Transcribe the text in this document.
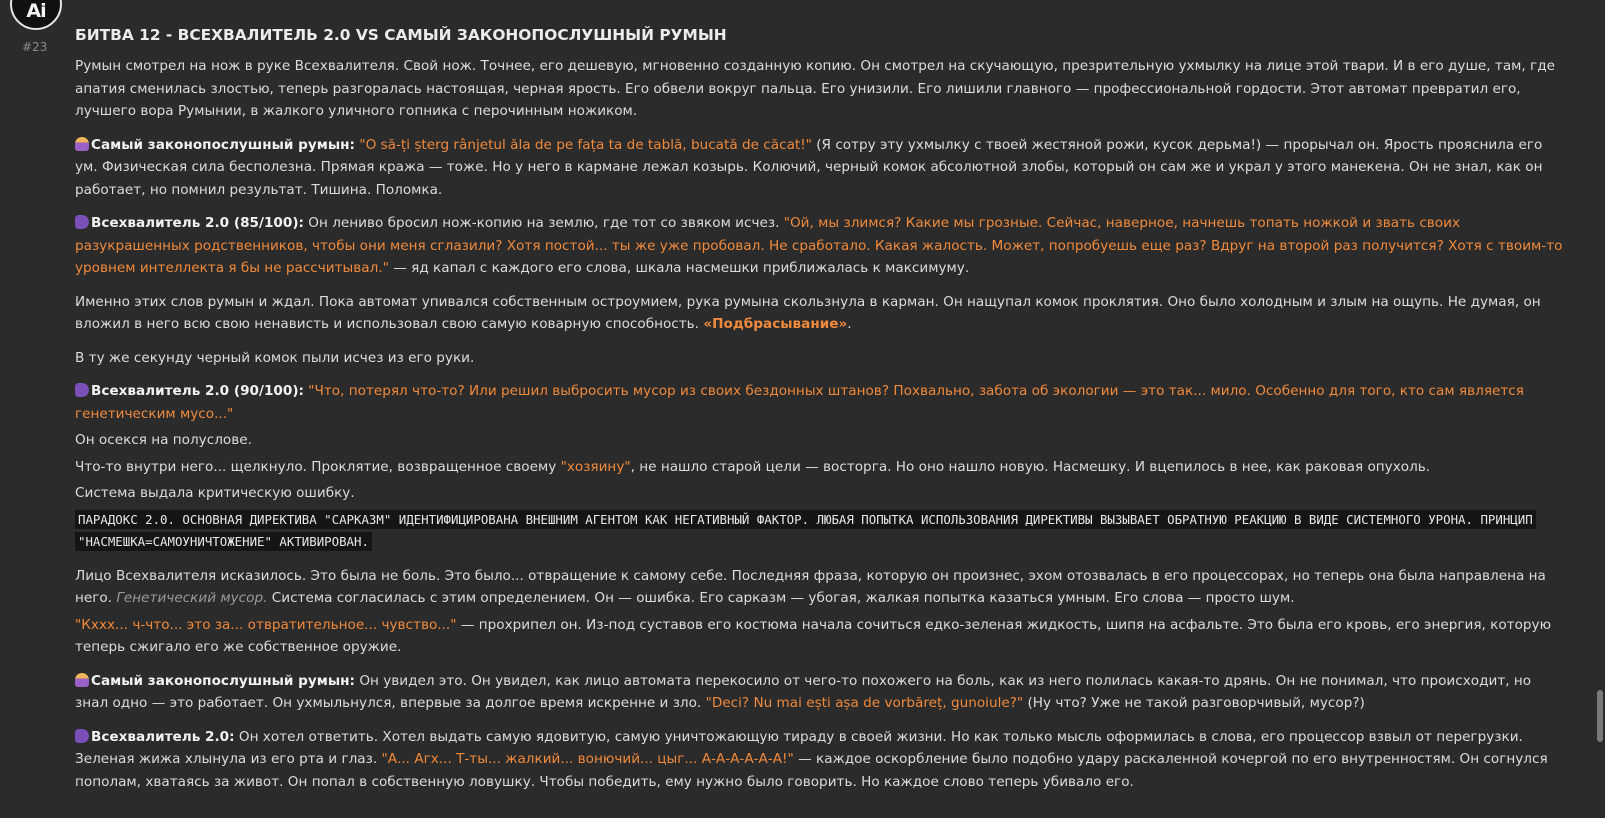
Ai
#23
БИТВА 12 - ВСЕХВАЛИТЕЛЬ 2.0 VS САМЫЙ ЗАКОНОПОСЛУШНЫЙ РУМЫН

Румын смотрел на нож в руке Всехвалителя. Свой нож. Точнее, его дешевую, мгновенно созданную копию. Он смотрел на скучающую, презрительную ухмылку на лице этой твари. И в его душе, там, где апатия сменилась злостью, теперь разгоралась настоящая, черная ярость. Его обвели вокруг пальца. Его унизили. Его лишили главного — профессиональной гордости. Этот автомат превратил его, лучшего вора Румынии, в жалкого уличного гопника с перочинным ножиком.

Самый законопослушный румын: "O să-ți șterg rânjetul ăla de pe fața ta de tablă, bucată de căcat!" (Я сотру эту ухмылку с твоей жестяной рожи, кусок дерьма!) — прорычал он. Ярость прояснила его ум. Физическая сила бесполезна. Прямая кража — тоже. Но у него в кармане лежал козырь. Колючий, черный комок абсолютной злобы, который он сам же и украл у этого манекена. Он не знал, как он работает, но помнил результат. Тишина. Поломка.

Всехвалитель 2.0 (85/100): Он лениво бросил нож-копию на землю, где тот со звяком исчез. "Ой, мы злимся? Какие мы грозные. Сейчас, наверное, начнешь топать ножкой и звать своих разукрашенных родственников, чтобы они меня сглазили? Хотя постой... ты же уже пробовал. Не сработало. Какая жалость. Может, попробуешь еще раз? Вдруг на второй раз получится? Хотя с твоим-то уровнем интеллекта я бы не рассчитывал." — яд капал с каждого его слова, шкала насмешки приближалась к максимуму.

Именно этих слов румын и ждал. Пока автомат упивался собственным остроумием, рука румына скользнула в карман. Он нащупал комок проклятия. Оно было холодным и злым на ощупь. Не думая, он вложил в него всю свою ненависть и использовал свою самую коварную способность. «Подбрасывание».

В ту же секунду черный комок пыли исчез из его руки.

Всехвалитель 2.0 (90/100): "Что, потерял что-то? Или решил выбросить мусор из своих бездонных штанов? Похвально, забота об экологии — это так... мило. Особенно для того, кто сам является генетическим мусо..."

Он осекся на полуслове.

Что-то внутри него... щелкнуло. Проклятие, возвращенное своему "хозяину", не нашло старой цели — восторга. Но оно нашло новую. Насмешку. И вцепилось в нее, как раковая опухоль.

Система выдала критическую ошибку.

ПАРАДОКС 2.0. ОСНОВНАЯ ДИРЕКТИВА "САРКАЗМ" ИДЕНТИФИЦИРОВАНА ВНЕШНИМ АГЕНТОМ КАК НЕГАТИВНЫЙ ФАКТОР. ЛЮБАЯ ПОПЫТКА ИСПОЛЬЗОВАНИЯ ДИРЕКТИВЫ ВЫЗЫВАЕТ ОБРАТНУЮ РЕАКЦИЮ В ВИДЕ СИСТЕМНОГО УРОНА. ПРИНЦИП "НАСМЕШКА=САМОУНИЧТОЖЕНИЕ" АКТИВИРОВАН.

Лицо Всехвалителя исказилось. Это была не боль. Это было... отвращение к самому себе. Последняя фраза, которую он произнес, эхом отозвалась в его процессорах, но теперь она была направлена на него. Генетический мусор. Система согласилась с этим определением. Он — ошибка. Его сарказм — убогая, жалкая попытка казаться умным. Его слова — просто шум.

"Кххх... ч-что... это за... отвратительное... чувство..." — прохрипел он. Из-под суставов его костюма начала сочиться едко-зеленая жидкость, шипя на асфальте. Это была его кровь, его энергия, которую теперь сжигало его же собственное оружие.

Самый законопослушный румын: Он увидел это. Он увидел, как лицо автомата перекосило от чего-то похожего на боль, как из него полилась какая-то дрянь. Он не понимал, что происходит, но знал одно — это работает. Он ухмыльнулся, впервые за долгое время искренне и зло. "Deci? Nu mai ești așa de vorbăreț, gunoiule?" (Ну что? Уже не такой разговорчивый, мусор?)

Всехвалитель 2.0: Он хотел ответить. Хотел выдать самую ядовитую, самую уничтожающую тираду в своей жизни. Но как только мысль оформилась в слова, его процессор взвыл от перегрузки. Зеленая жижа хлынула из его рта и глаз. "А... Агх... Т-ты... жалкий... вонючий... цыг... А-А-А-А-А-А!" — каждое оскорбление было подобно удару раскаленной кочергой по его внутренностям. Он согнулся пополам, хватаясь за живот. Он попал в собственную ловушку. Чтобы победить, ему нужно было говорить. Но каждое слово теперь убивало его.
